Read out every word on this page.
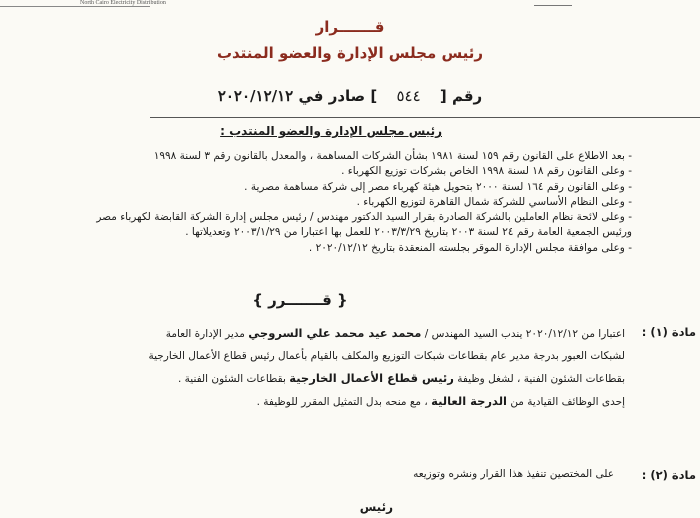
North Cairo Electricity Distribution
قـــــــرار
رئيس مجلس الإدارة والعضو المنتدب
رقم [ ٥٤٤ ] صادر في ٢٠٢٠/١٢/١٢
رئيس مجلس الإدارة والعضو المنتدب :
- بعد الاطلاع على القانون رقم ١٥٩ لسنة ١٩٨١ بشأن الشركات المساهمة ، والمعدل بالقانون رقم ٣ لسنة ١٩٩٨
- وعلى القانون رقم ١٨ لسنة ١٩٩٨ الخاص بشركات توزيع الكهرباء .
- وعلى القانون رقم ١٦٤ لسنة ٢٠٠٠ بتحويل هيئة كهرباء مصر إلى شركة مساهمة مصرية .
- وعلى النظام الأساسي للشركة شمال القاهرة لتوزيع الكهرباء .
- وعلى لائحة نظام العاملين بالشركة الصادرة بقرار السيد الدكتور مهندس / رئيس مجلس إدارة الشركة القابضة لكهرباء مصر
ورئيس الجمعية العامة رقم ٢٤ لسنة ٢٠٠٣ بتاريخ ٢٠٠٣/٣/٢٩ للعمل بها اعتبارا من ٢٠٠٣/١/٢٩ وتعديلاتها .
- وعلى موافقة مجلس الإدارة الموقر بجلسته المنعقدة بتاريخ ٢٠٢٠/١٢/١٢ .
{ قـــــــرر }
مادة (١) :
اعتبارا من ٢٠٢٠/١٢/١٢ يندب السيد المهندس / محمد عيد محمد علي السروجي مدير الإدارة العامة
لشبكات العبور بدرجة مدير عام بقطاعات شبكات التوزيع والمكلف بالقيام بأعمال رئيس قطاع الأعمال الخارجية
بقطاعات الشئون الفنية ، لشغل وظيفة رئيس قطاع الأعمال الخارجية بقطاعات الشئون الفنية .
إحدى الوظائف القيادية من الدرجة العالية ، مع منحه بدل التمثيل المقرر للوظيفة .
مادة (٢) :
على المختصين تنفيذ هذا القرار ونشره وتوزيعه
رئيس
